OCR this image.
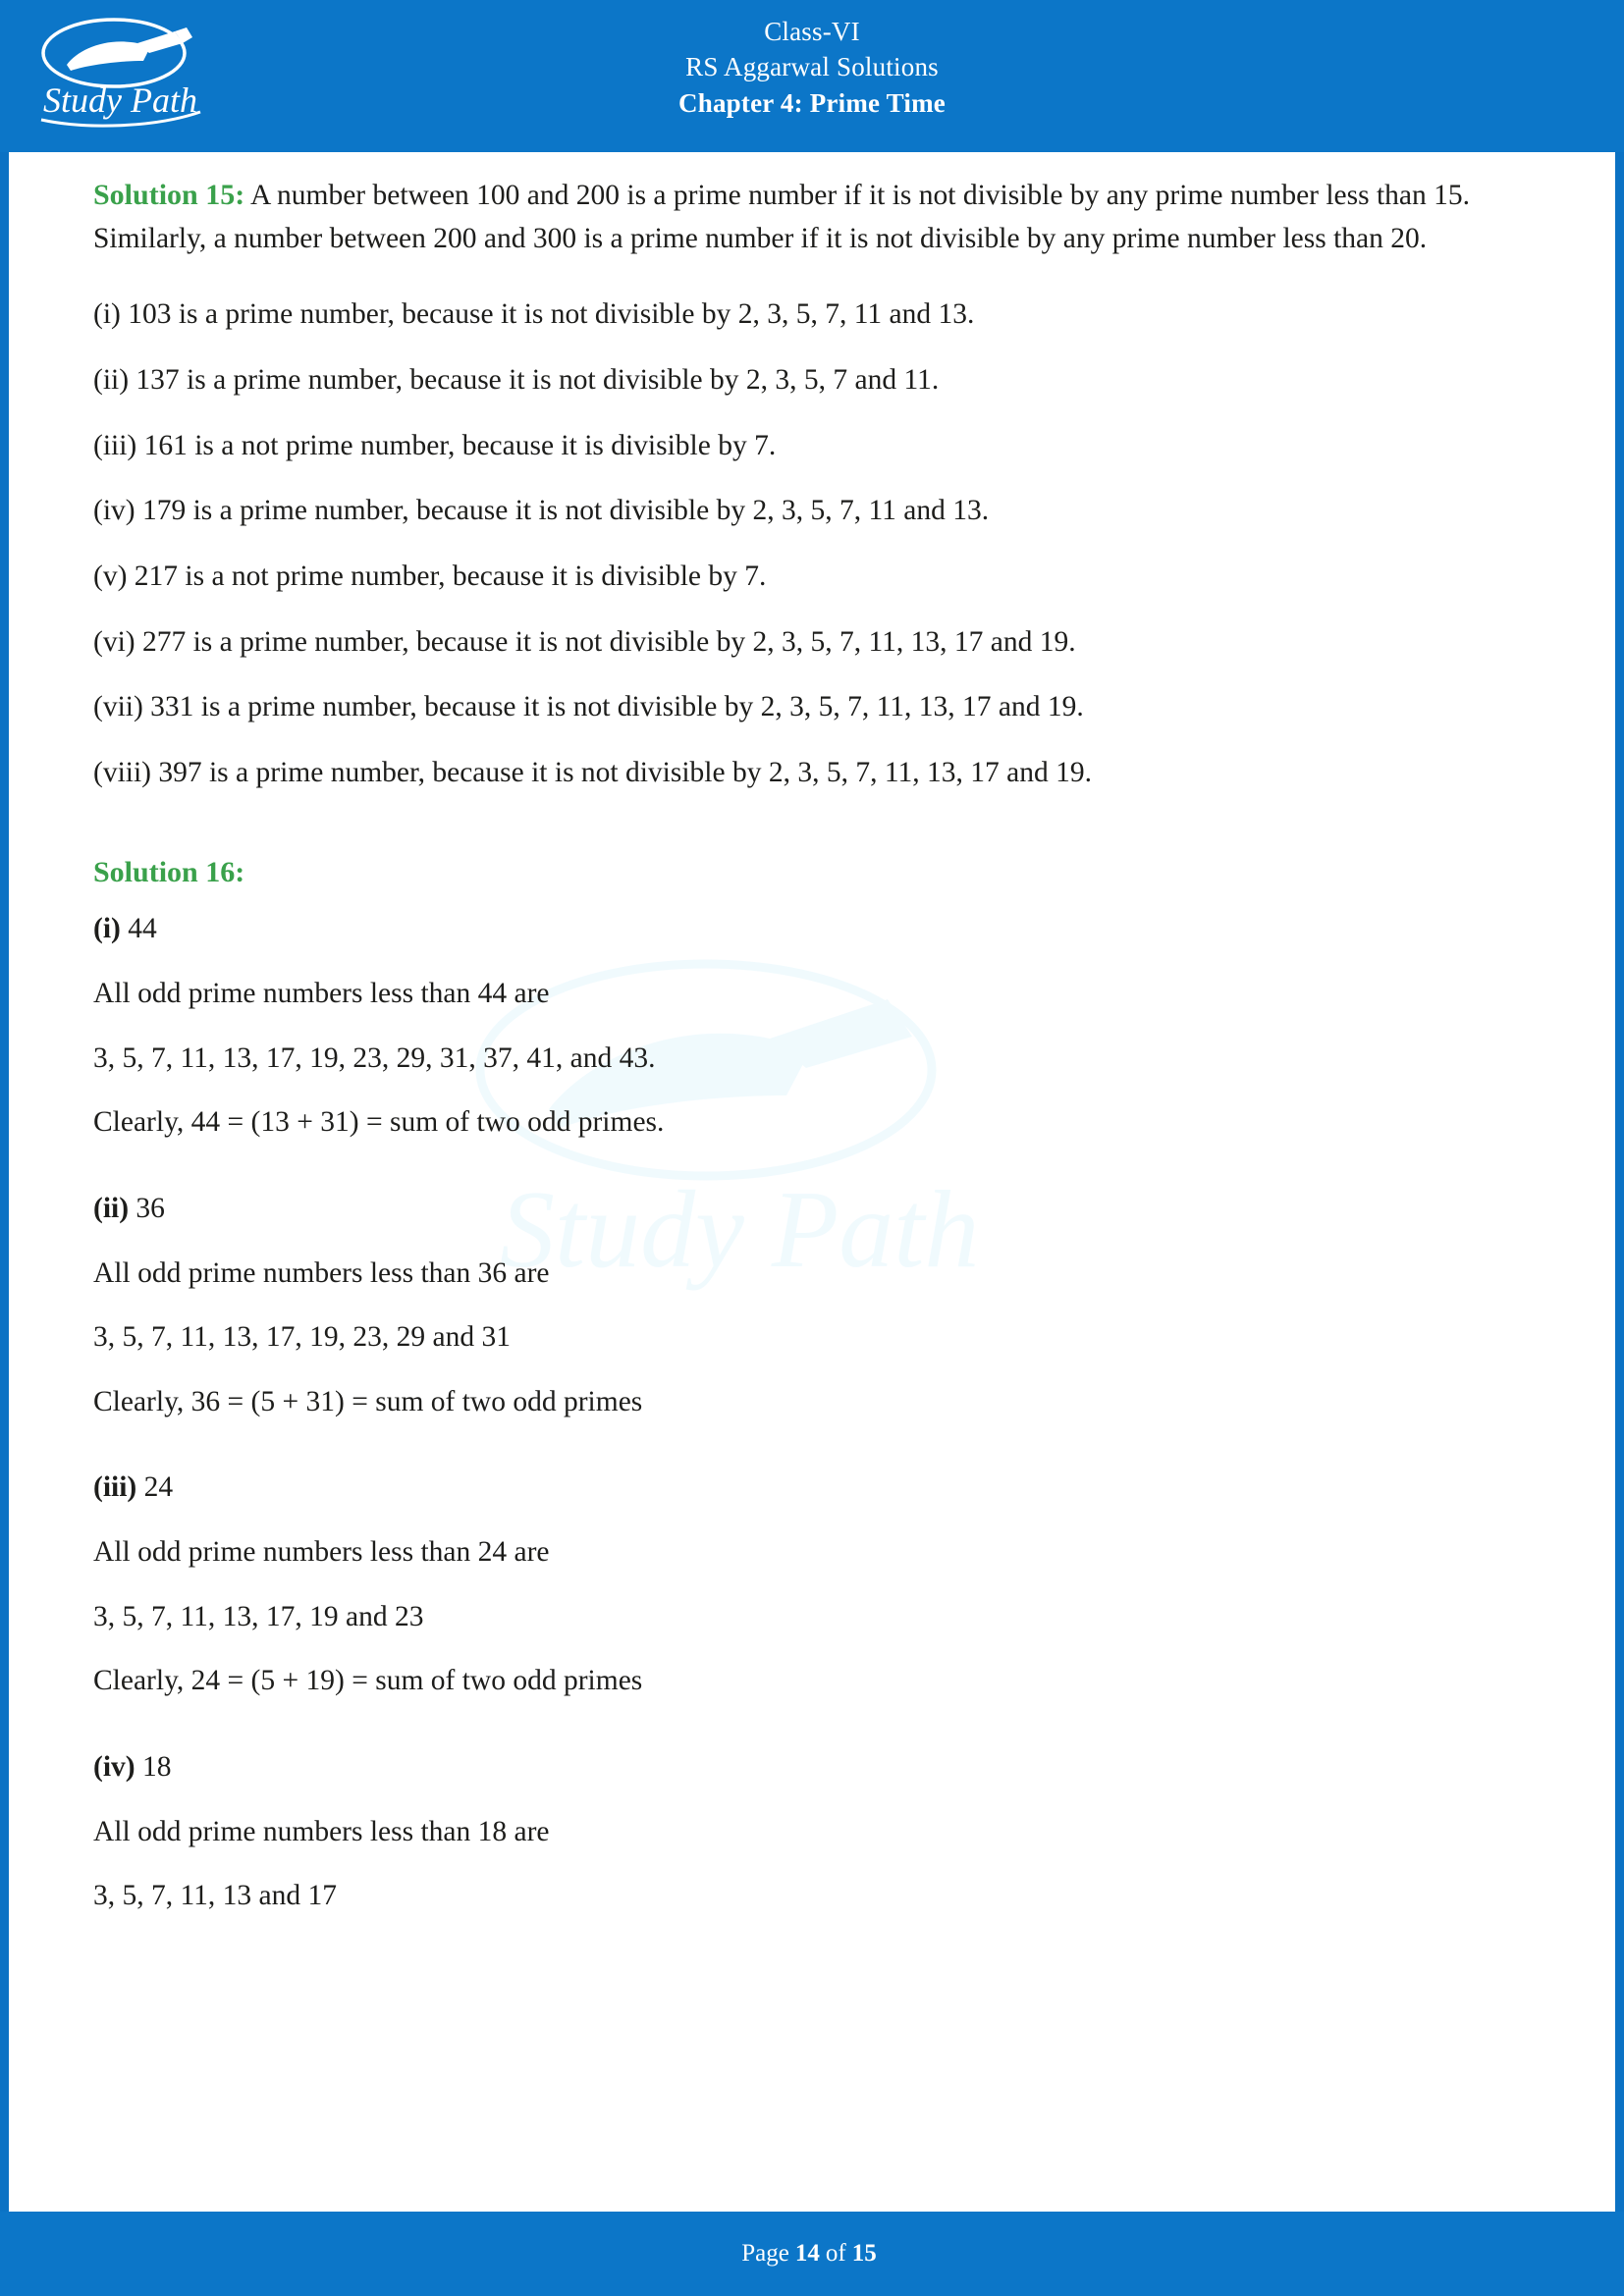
Study Path
Class-VI
RS Aggarwal Solutions
Chapter 4: Prime Time
Study Path

Solution 15: A number between 100 and 200 is a prime number if it is not divisible by any prime number less than 15.

Similarly, a number between 200 and 300 is a prime number if it is not divisible by any prime number less than 20.

(i) 103 is a prime number, because it is not divisible by 2, 3, 5, 7, 11 and 13.

(ii) 137 is a prime number, because it is not divisible by 2, 3, 5, 7 and 11.

(iii) 161 is a not prime number, because it is divisible by 7.

(iv) 179 is a prime number, because it is not divisible by 2, 3, 5, 7, 11 and 13.

(v) 217 is a not prime number, because it is divisible by 7.

(vi) 277 is a prime number, because it is not divisible by 2, 3, 5, 7, 11, 13, 17 and 19.

(vii) 331 is a prime number, because it is not divisible by 2, 3, 5, 7, 11, 13, 17 and 19.

(viii) 397 is a prime number, because it is not divisible by 2, 3, 5, 7, 11, 13, 17 and 19.

Solution 16:

(i) 44

All odd prime numbers less than 44 are

3, 5, 7, 11, 13, 17, 19, 23, 29, 31, 37, 41, and 43.

Clearly, 44 = (13 + 31) = sum of two odd primes.

(ii) 36

All odd prime numbers less than 36 are

3, 5, 7, 11, 13, 17, 19, 23, 29 and 31

Clearly, 36 = (5 + 31) = sum of two odd primes

(iii) 24

All odd prime numbers less than 24 are

3, 5, 7, 11, 13, 17, 19 and 23

Clearly, 24 = (5 + 19) = sum of two odd primes

(iv) 18

All odd prime numbers less than 18 are

3, 5, 7, 11, 13 and 17

Page 14 of 15
